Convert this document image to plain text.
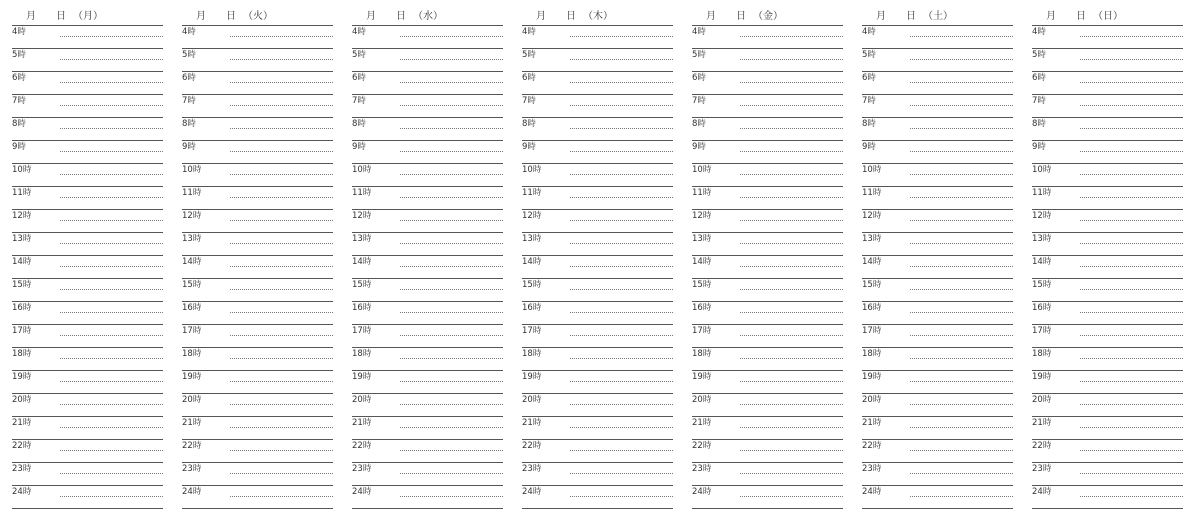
月 日 （月）
4時
5時
6時
7時
8時
9時
10時
11時
12時
13時
14時
15時
16時
17時
18時
19時
20時
21時
22時
23時
24時
月 日 （火）
4時
5時
6時
7時
8時
9時
10時
11時
12時
13時
14時
15時
16時
17時
18時
19時
20時
21時
22時
23時
24時
月 日 （水）
4時
5時
6時
7時
8時
9時
10時
11時
12時
13時
14時
15時
16時
17時
18時
19時
20時
21時
22時
23時
24時
月 日 （木）
4時
5時
6時
7時
8時
9時
10時
11時
12時
13時
14時
15時
16時
17時
18時
19時
20時
21時
22時
23時
24時
月 日 （金）
4時
5時
6時
7時
8時
9時
10時
11時
12時
13時
14時
15時
16時
17時
18時
19時
20時
21時
22時
23時
24時
月 日 （土）
4時
5時
6時
7時
8時
9時
10時
11時
12時
13時
14時
15時
16時
17時
18時
19時
20時
21時
22時
23時
24時
月 日 （日）
4時
5時
6時
7時
8時
9時
10時
11時
12時
13時
14時
15時
16時
17時
18時
19時
20時
21時
22時
23時
24時
